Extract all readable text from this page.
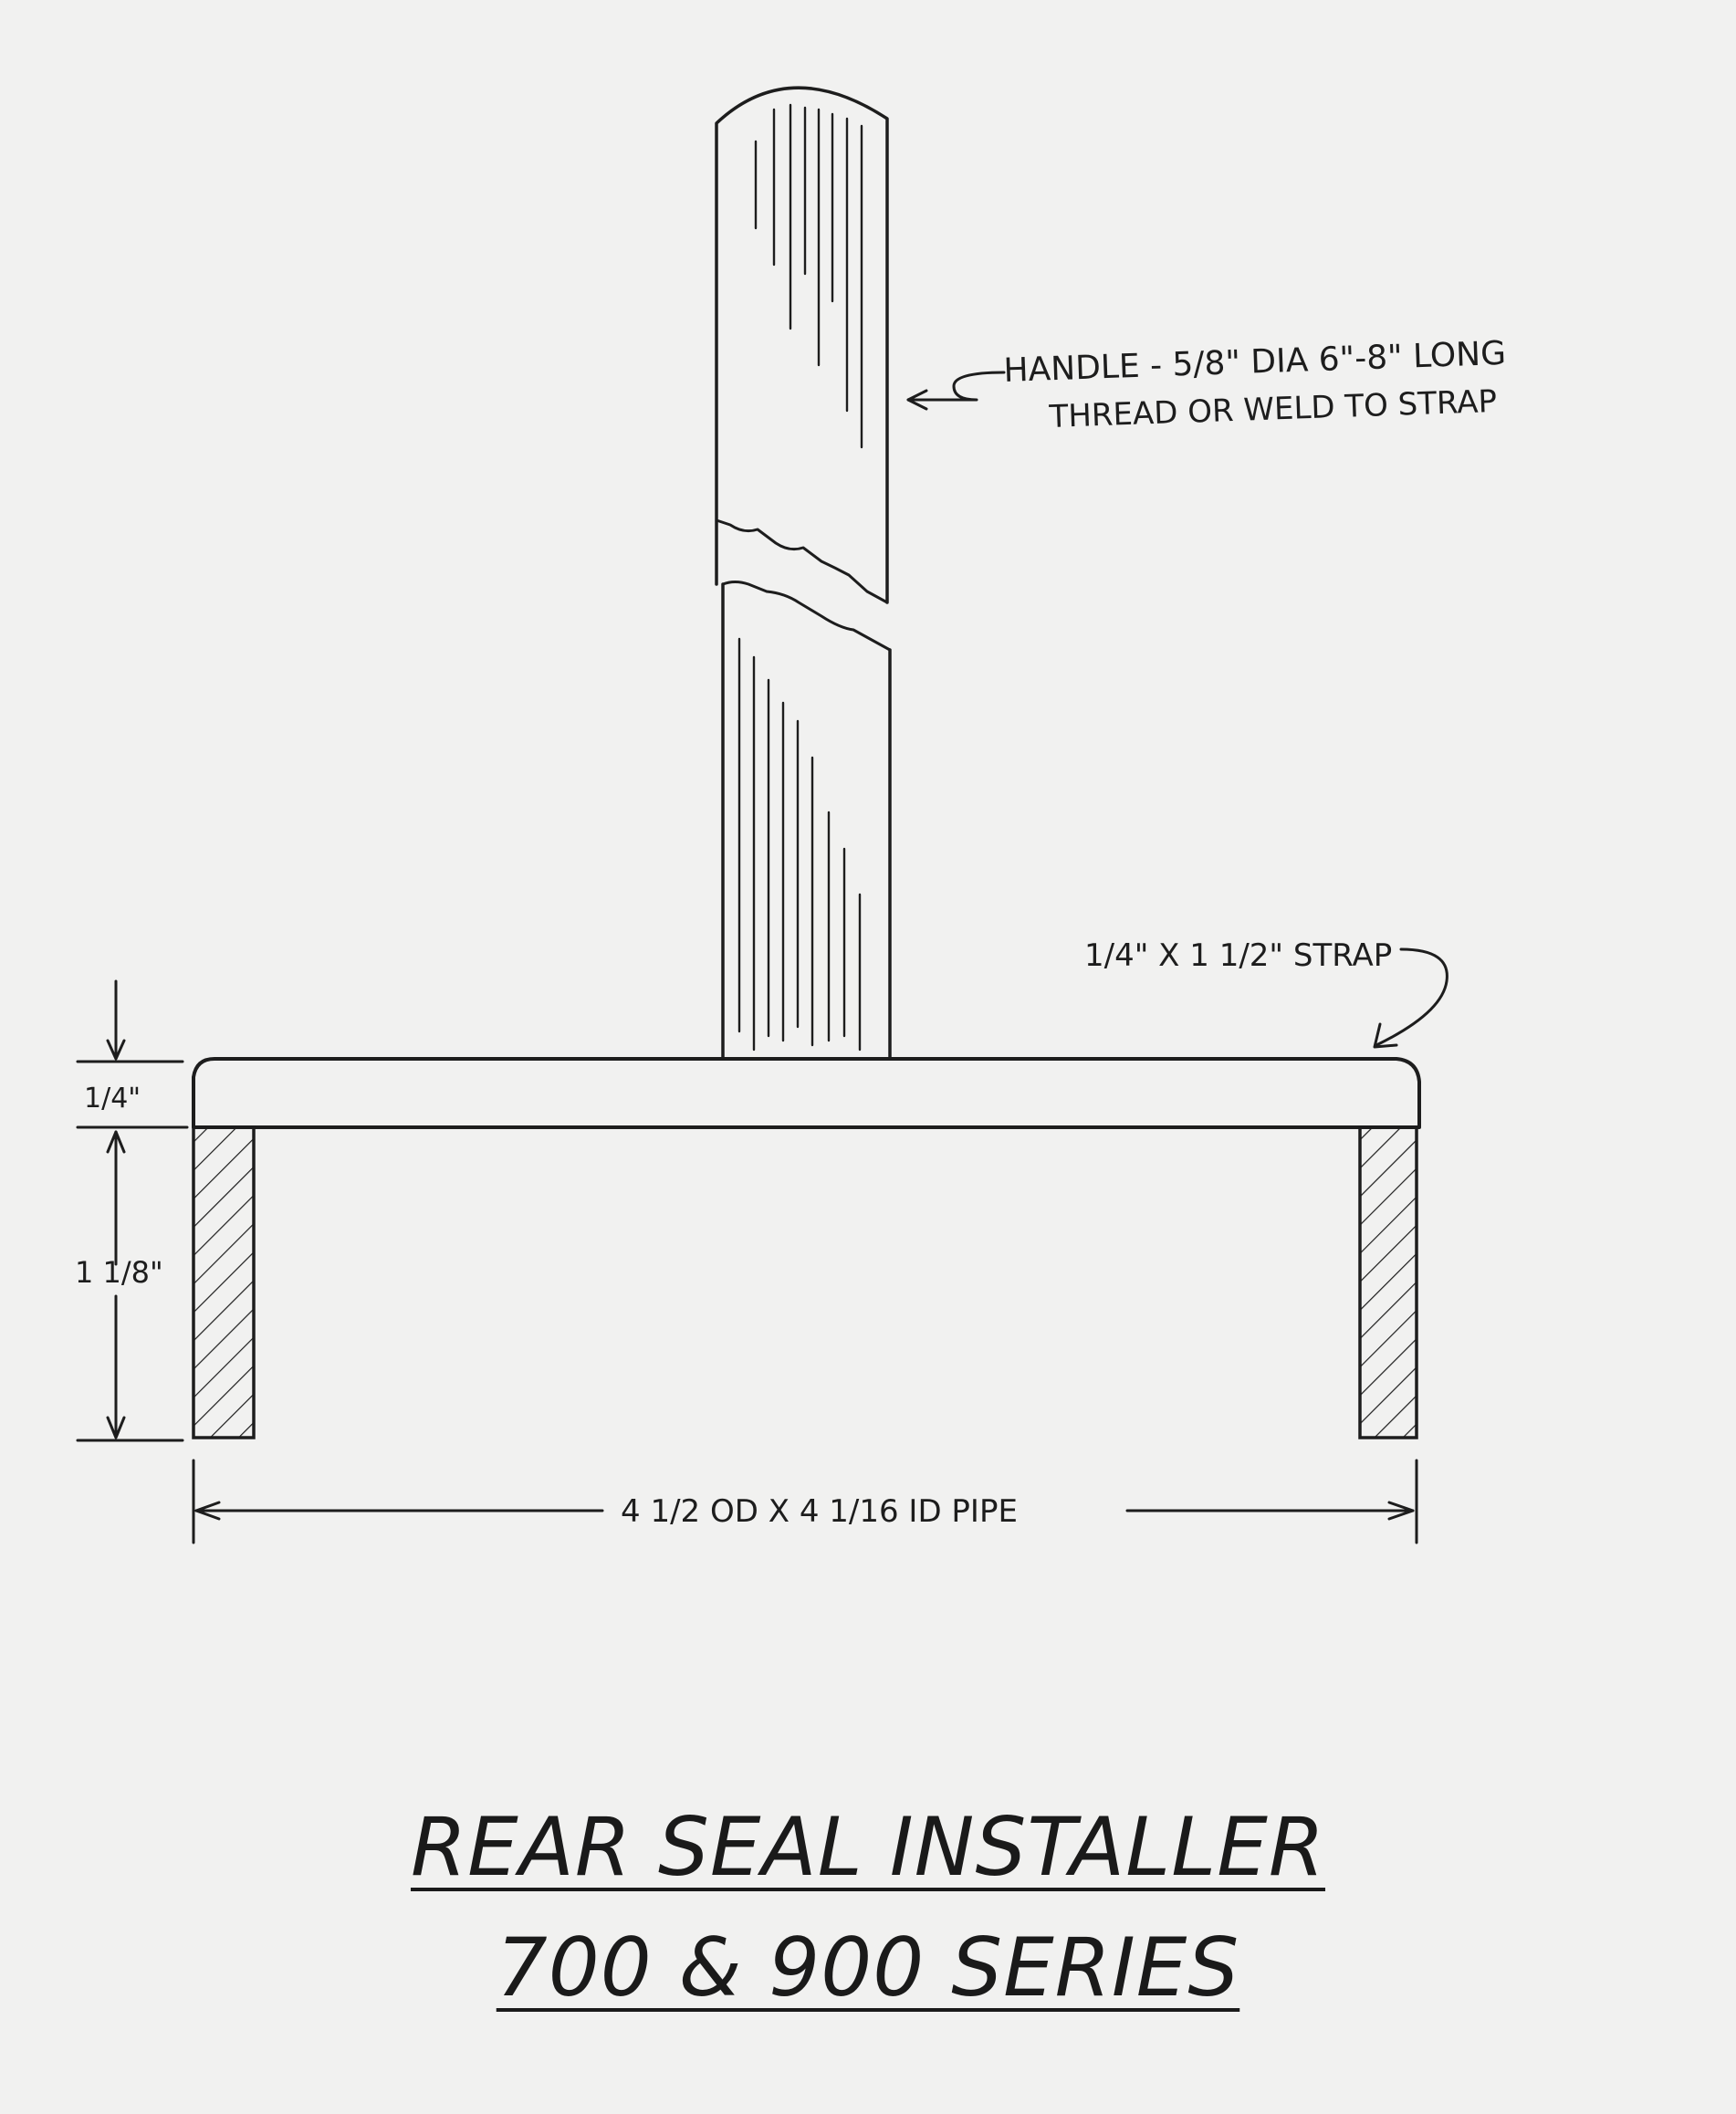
HANDLE - 5/8" DIA 6"-8" LONG
THREAD OR WELD TO STRAP
1/4" X 1 1/2" STRAP
1/4"
1 1/8"
4 1/2 OD X 4 1/16 ID PIPE
REAR SEAL INSTALLER
700 & 900 SERIES
